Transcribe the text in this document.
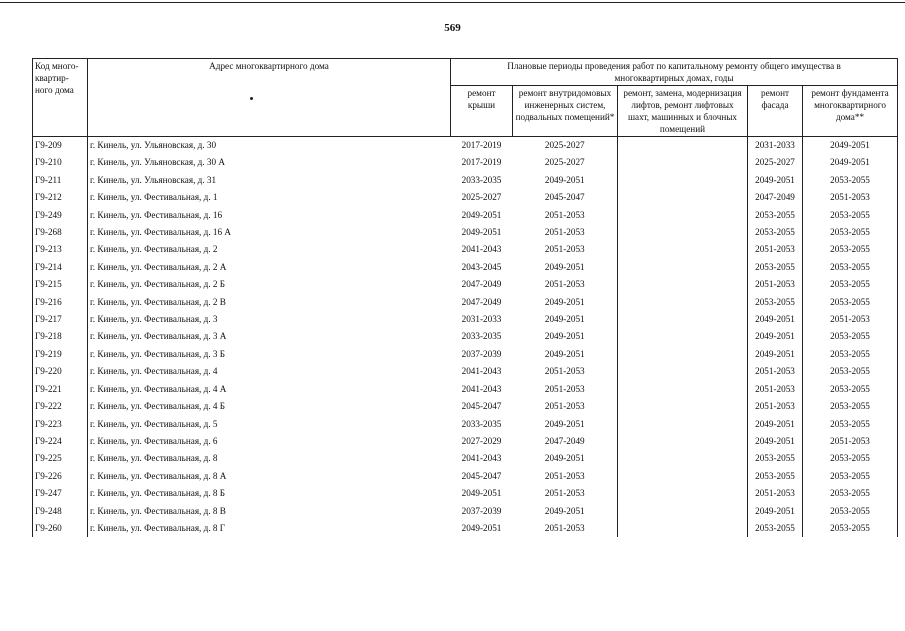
569
Код много-квартир-ного дома	Адрес многоквартирного дома	Плановые периоды проведения работ по капитальному ремонту общего имущества в многоквартирных домах, годы				
		ремонт крыши	ремонт внутридомовых инженерных систем, подвальных помещений*	ремонт, замена, модернизация лифтов, ремонт лифтовых шахт, машинных и блочных помещений	ремонт фасада	ремонт фундамента многоквартирного дома**
Г9-209	г. Кинель, ул. Ульяновская, д. 30	2017-2019	2025-2027		2031-2033	2049-2051
Г9-210	г. Кинель, ул. Ульяновская, д. 30 А	2017-2019	2025-2027		2025-2027	2049-2051
Г9-211	г. Кинель, ул. Ульяновская, д. 31	2033-2035	2049-2051		2049-2051	2053-2055
Г9-212	г. Кинель, ул. Фестивальная, д. 1	2025-2027	2045-2047		2047-2049	2051-2053
Г9-249	г. Кинель, ул. Фестивальная, д. 16	2049-2051	2051-2053		2053-2055	2053-2055
Г9-268	г. Кинель, ул. Фестивальная, д. 16 А	2049-2051	2051-2053		2053-2055	2053-2055
Г9-213	г. Кинель, ул. Фестивальная, д. 2	2041-2043	2051-2053		2051-2053	2053-2055
Г9-214	г. Кинель, ул. Фестивальная, д. 2 А	2043-2045	2049-2051		2053-2055	2053-2055
Г9-215	г. Кинель, ул. Фестивальная, д. 2 Б	2047-2049	2051-2053		2051-2053	2053-2055
Г9-216	г. Кинель, ул. Фестивальная, д. 2 В	2047-2049	2049-2051		2053-2055	2053-2055
Г9-217	г. Кинель, ул. Фестивальная, д. 3	2031-2033	2049-2051		2049-2051	2051-2053
Г9-218	г. Кинель, ул. Фестивальная, д. 3 А	2033-2035	2049-2051		2049-2051	2053-2055
Г9-219	г. Кинель, ул. Фестивальная, д. 3 Б	2037-2039	2049-2051		2049-2051	2053-2055
Г9-220	г. Кинель, ул. Фестивальная, д. 4	2041-2043	2051-2053		2051-2053	2053-2055
Г9-221	г. Кинель, ул. Фестивальная, д. 4 А	2041-2043	2051-2053		2051-2053	2053-2055
Г9-222	г. Кинель, ул. Фестивальная, д. 4 Б	2045-2047	2051-2053		2051-2053	2053-2055
Г9-223	г. Кинель, ул. Фестивальная, д. 5	2033-2035	2049-2051		2049-2051	2053-2055
Г9-224	г. Кинель, ул. Фестивальная, д. 6	2027-2029	2047-2049		2049-2051	2051-2053
Г9-225	г. Кинель, ул. Фестивальная, д. 8	2041-2043	2049-2051		2053-2055	2053-2055
Г9-226	г. Кинель, ул. Фестивальная, д. 8 А	2045-2047	2051-2053		2053-2055	2053-2055
Г9-247	г. Кинель, ул. Фестивальная, д. 8 Б	2049-2051	2051-2053		2051-2053	2053-2055
Г9-248	г. Кинель, ул. Фестивальная, д. 8 В	2037-2039	2049-2051		2049-2051	2053-2055
Г9-260	г. Кинель, ул. Фестивальная, д. 8 Г	2049-2051	2051-2053		2053-2055	2053-2055
